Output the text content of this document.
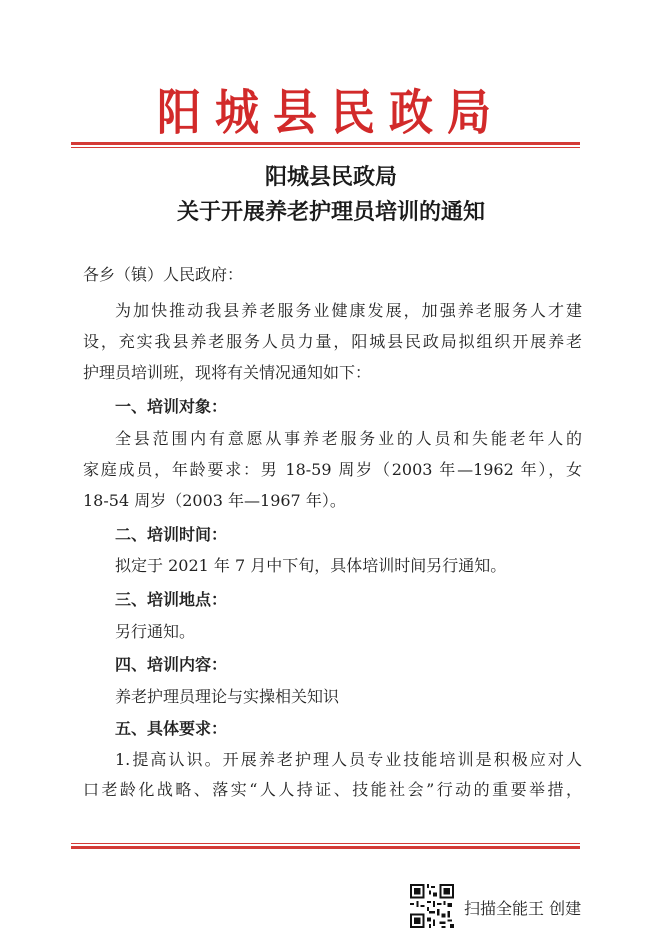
阳城县民政局
阳城县民政局
关于开展养老护理员培训的通知
各乡（镇）人民政府：
为加快推动我县养老服务业健康发展，加强养老服务人才建
设，充实我县养老服务人员力量，阳城县民政局拟组织开展养老
护理员培训班，现将有关情况通知如下：
一、培训对象：
全县范围内有意愿从事养老服务业的人员和失能老年人的
家庭成员，年龄要求：男 18-59 周岁（2003 年—1962 年），女
18-54 周岁（2003 年—1967 年）。
二、培训时间：
拟定于 2021 年 7 月中下旬，具体培训时间另行通知。
三、培训地点：
另行通知。
四、培训内容：
养老护理员理论与实操相关知识
五、具体要求：
1.提高认识。开展养老护理人员专业技能培训是积极应对人
口老龄化战略、落实“人人持证、技能社会”行动的重要举措，
扫描全能王 创建
